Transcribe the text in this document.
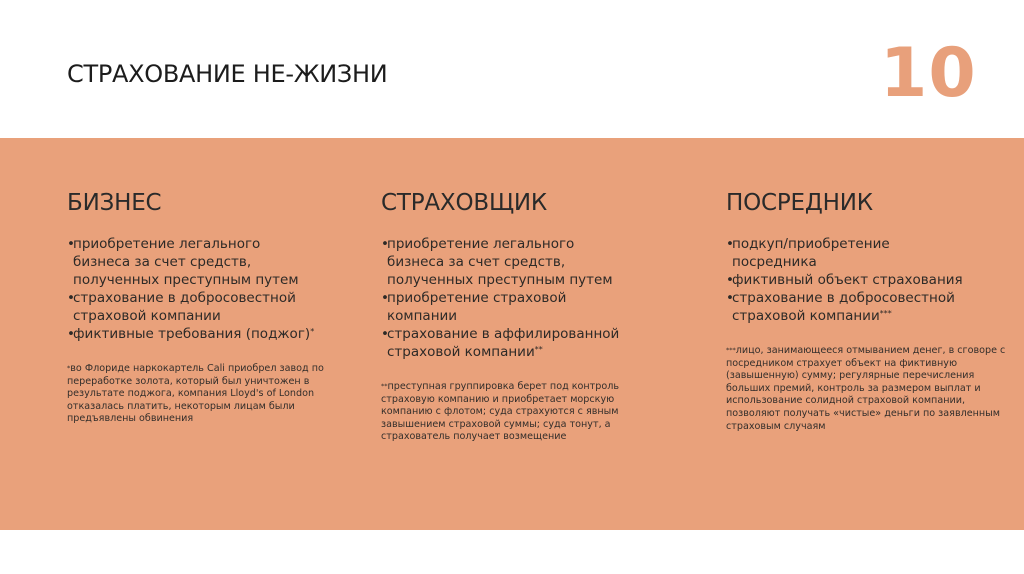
СТРАХОВАНИЕ НЕ-ЖИЗНИ	10
БИЗНЕС
•
приобретение легального
бизнеса за счет средств,
полученных преступным путем
•
страхование в добросовестной
страховой компании
•
фиктивные требования (поджог)*

*во Флориде наркокартель Cali приобрел завод по
переработке золота, который был уничтожен в
результате поджога, компания Lloyd's of London
отказалась платить, некоторым лицам были
предъявлены обвинения

СТРАХОВЩИК
•
приобретение легального
бизнеса за счет средств,
полученных преступным путем
•
приобретение страховой
компании
•
страхование в аффилированной
страховой компании**

**преступная группировка берет под контроль
страховую компанию и приобретает морскую
компанию с флотом; суда страхуются с явным
завышением страховой суммы; суда тонут, а
страхователь получает возмещение

ПОСРЕДНИК
•
подкуп/приобретение
посредника
•
фиктивный объект страхования
•
страхование в добросовестной
страховой компании***

***лицо, занимающееся отмыванием денег, в сговоре с
посредником страхует объект на фиктивную
(завышенную) сумму; регулярные перечисления
больших премий, контроль за размером выплат и
использование солидной страховой компании,
позволяют получать «чистые» деньги по заявленным
страховым случаям
